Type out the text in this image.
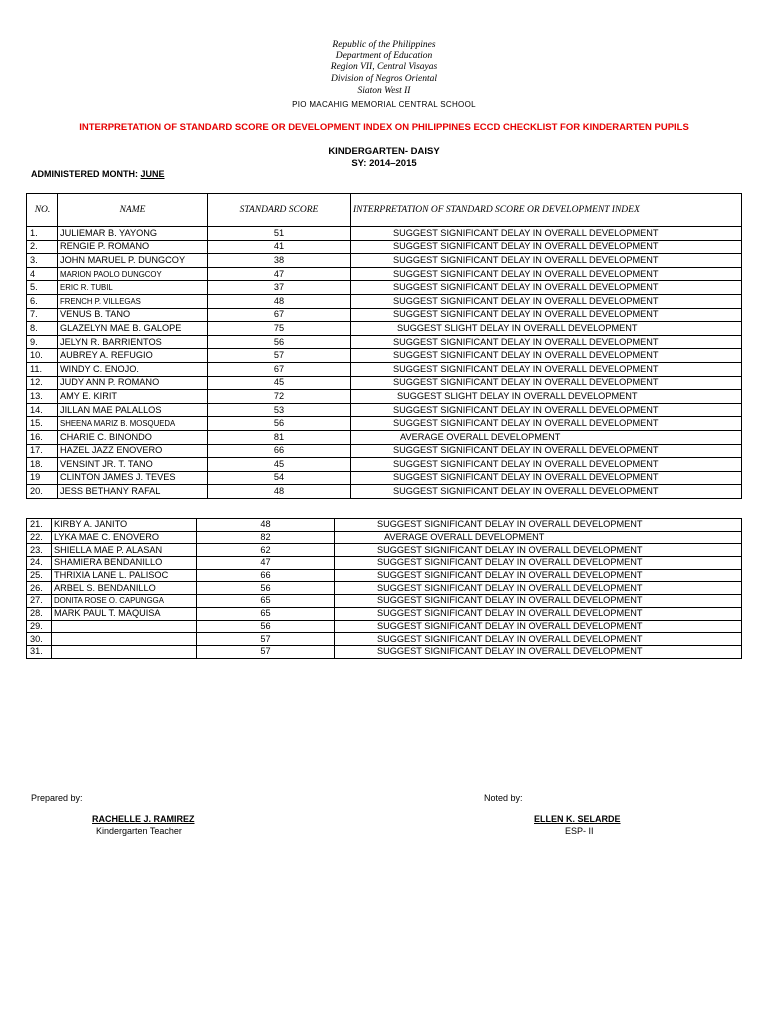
Republic of the Philippines
Department of Education
Region VII, Central Visayas
Division of Negros Oriental
Siaton West II
PIO MACAHIG MEMORIAL CENTRAL SCHOOL
INTERPRETATION OF STANDARD SCORE OR DEVELOPMENT INDEX ON PHILIPPINES ECCD CHECKLIST FOR KINDERARTEN PUPILS
KINDERGARTEN- DAISY
SY: 2014–2015
ADMINISTERED MONTH: JUNE
NO.	NAME	STANDARD SCORE	INTERPRETATION OF STANDARD SCORE OR DEVELOPMENT INDEX
1.	JULIEMAR B. YAYONG	51	SUGGEST SIGNIFICANT DELAY IN OVERALL DEVELOPMENT
2.	RENGIE P. ROMANO	41	SUGGEST SIGNIFICANT DELAY IN OVERALL DEVELOPMENT
3.	JOHN MARUEL P. DUNGCOY	38	SUGGEST SIGNIFICANT DELAY IN OVERALL DEVELOPMENT
4	MARION PAOLO DUNGCOY	47	SUGGEST SIGNIFICANT DELAY IN OVERALL DEVELOPMENT
5.	ERIC R. TUBIL	37	SUGGEST SIGNIFICANT DELAY IN OVERALL DEVELOPMENT
6.	FRENCH P. VILLEGAS	48	SUGGEST SIGNIFICANT DELAY IN OVERALL DEVELOPMENT
7.	VENUS B. TANO	67	SUGGEST SIGNIFICANT DELAY IN OVERALL DEVELOPMENT
8.	GLAZELYN MAE B. GALOPE	75	SUGGEST SLIGHT DELAY IN OVERALL DEVELOPMENT
9.	JELYN R. BARRIENTOS	56	SUGGEST SIGNIFICANT DELAY IN OVERALL DEVELOPMENT
10.	AUBREY A. REFUGIO	57	SUGGEST SIGNIFICANT DELAY IN OVERALL DEVELOPMENT
11.	WINDY C. ENOJO.	67	SUGGEST SIGNIFICANT DELAY IN OVERALL DEVELOPMENT
12.	JUDY ANN P. ROMANO	45	SUGGEST SIGNIFICANT DELAY IN OVERALL DEVELOPMENT
13.	AMY E. KIRIT	72	SUGGEST SLIGHT DELAY IN OVERALL DEVELOPMENT
14.	JILLAN MAE PALALLOS	53	SUGGEST SIGNIFICANT DELAY IN OVERALL DEVELOPMENT
15.	SHEENA MARIZ B. MOSQUEDA	56	SUGGEST SIGNIFICANT DELAY IN OVERALL DEVELOPMENT
16.	CHARIE C. BINONDO	81	AVERAGE OVERALL DEVELOPMENT
17.	HAZEL JAZZ ENOVERO	66	SUGGEST SIGNIFICANT DELAY IN OVERALL DEVELOPMENT
18.	VENSINT JR. T. TANO	45	SUGGEST SIGNIFICANT DELAY IN OVERALL DEVELOPMENT
19	CLINTON JAMES J. TEVES	54	SUGGEST SIGNIFICANT DELAY IN OVERALL DEVELOPMENT
20.	JESS BETHANY RAFAL	48	SUGGEST SIGNIFICANT DELAY IN OVERALL DEVELOPMENT
21.	KIRBY A. JANITO	48	SUGGEST SIGNIFICANT DELAY IN OVERALL DEVELOPMENT
22.	LYKA MAE C. ENOVERO	82	AVERAGE OVERALL DEVELOPMENT
23.	SHIELLA MAE P. ALASAN	62	SUGGEST SIGNIFICANT DELAY IN OVERALL DEVELOPMENT
24.	SHAMIERA BENDANILLO	47	SUGGEST SIGNIFICANT DELAY IN OVERALL DEVELOPMENT
25.	THRIXIA LANE L. PALISOC	66	SUGGEST SIGNIFICANT DELAY IN OVERALL DEVELOPMENT
26.	ARBEL S. BENDANILLO	56	SUGGEST SIGNIFICANT DELAY IN OVERALL DEVELOPMENT
27.	DONITA ROSE O. CAPUNGGA	65	SUGGEST SIGNIFICANT DELAY IN OVERALL DEVELOPMENT
28.	MARK PAUL T. MAQUISA	65	SUGGEST SIGNIFICANT DELAY IN OVERALL DEVELOPMENT
29.		56	SUGGEST SIGNIFICANT DELAY IN OVERALL DEVELOPMENT
30.		57	SUGGEST SIGNIFICANT DELAY IN OVERALL DEVELOPMENT
31.		57	SUGGEST SIGNIFICANT DELAY IN OVERALL DEVELOPMENT
Prepared by:
RACHELLE J. RAMIREZ
Kindergarten Teacher
Noted by:
ELLEN K. SELARDE
ESP- II
